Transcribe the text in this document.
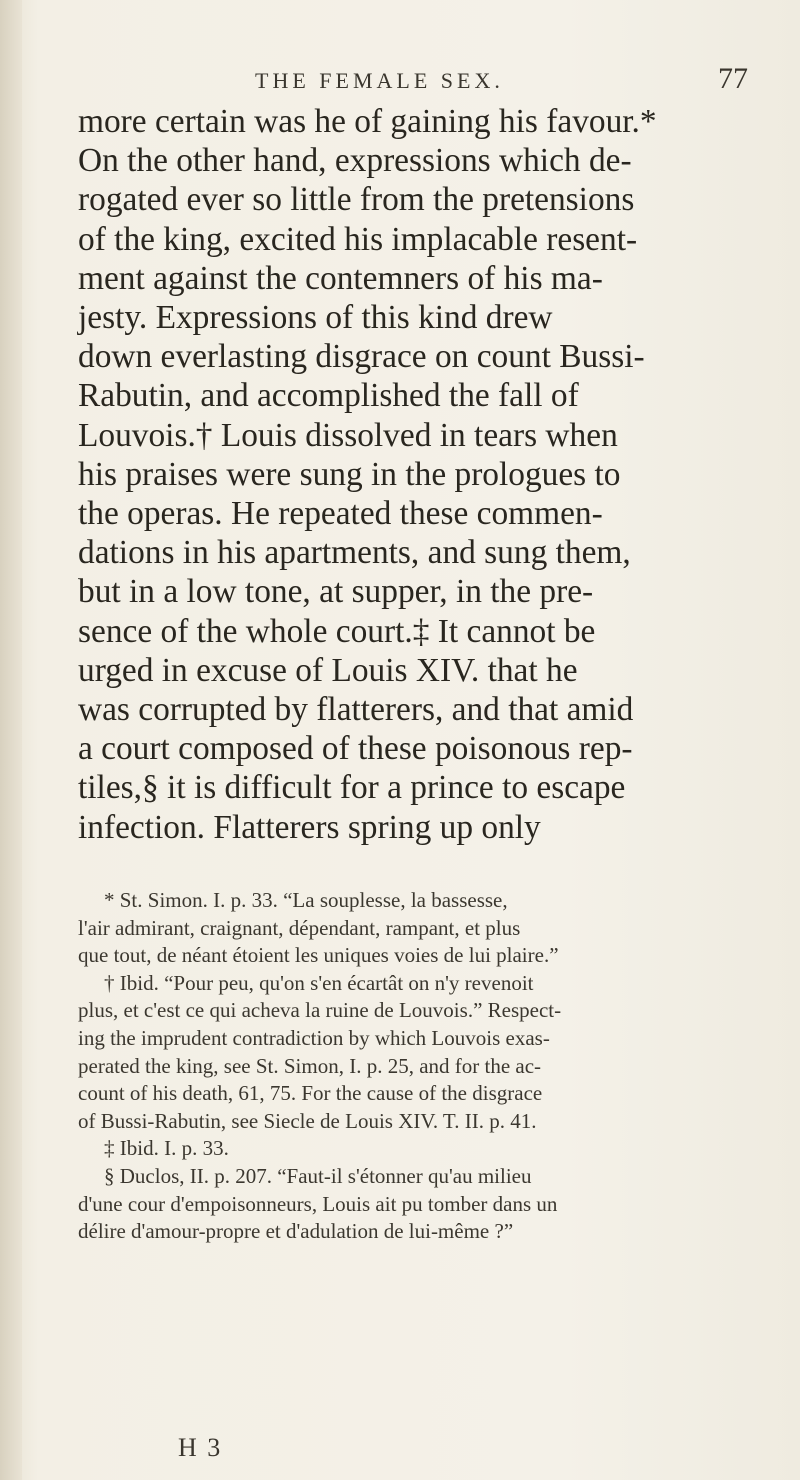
THE FEMALE SEX.	77
more certain was he of gaining his favour.*
On the other hand, expressions which de-
rogated ever so little from the pretensions
of the king, excited his implacable resent-
ment against the contemners of his ma-
jesty. Expressions of this kind drew
down everlasting disgrace on count Bussi-
Rabutin, and accomplished the fall of
Louvois.† Louis dissolved in tears when
his praises were sung in the prologues to
the operas. He repeated these commen-
dations in his apartments, and sung them,
but in a low tone, at supper, in the pre-
sence of the whole court.‡ It cannot be
urged in excuse of Louis XIV. that he
was corrupted by flatterers, and that amid
a court composed of these poisonous rep-
tiles,§ it is difficult for a prince to escape
infection. Flatterers spring up only
* St. Simon. I. p. 33. “La souplesse, la bassesse,
l'air admirant, craignant, dépendant, rampant, et plus
que tout, de néant étoient les uniques voies de lui plaire.”
† Ibid. “Pour peu, qu'on s'en écartât on n'y revenoit
plus, et c'est ce qui acheva la ruine de Louvois.” Respect-
ing the imprudent contradiction by which Louvois exas-
perated the king, see St. Simon, I. p. 25, and for the ac-
count of his death, 61, 75. For the cause of the disgrace
of Bussi-Rabutin, see Siecle de Louis XIV. T. II. p. 41.
‡ Ibid. I. p. 33.
§ Duclos, II. p. 207. “Faut-il s'étonner qu'au milieu
d'une cour d'empoisonneurs, Louis ait pu tomber dans un
délire d'amour-propre et d'adulation de lui-même ?”
H 3
